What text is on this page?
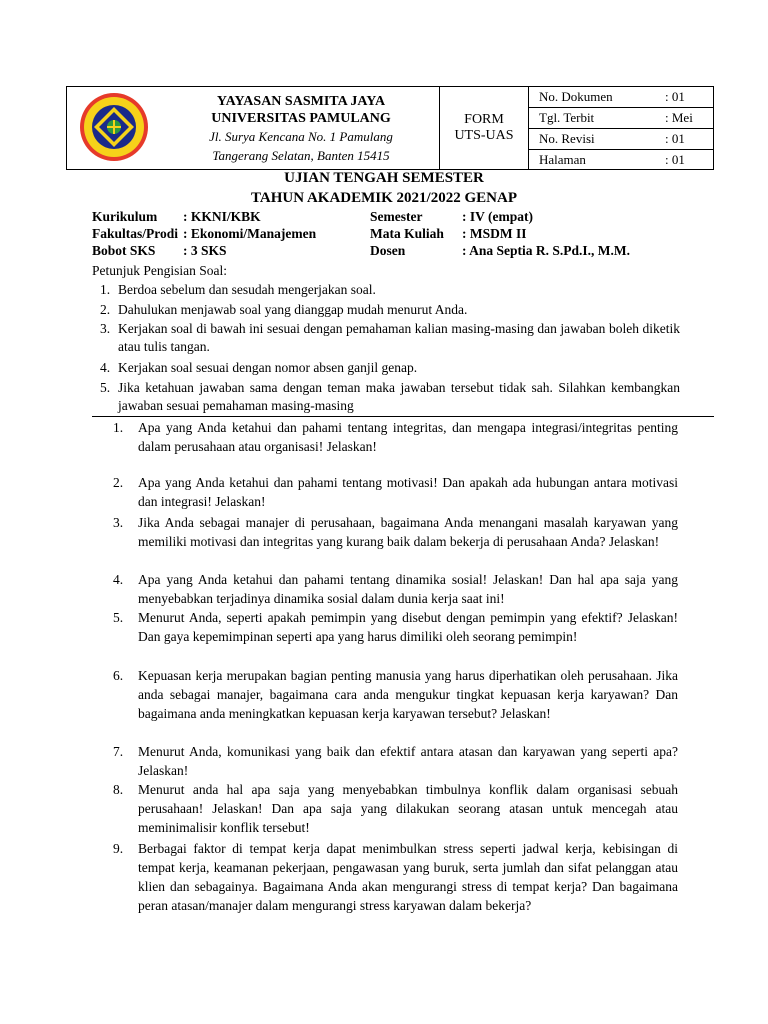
YAYASAN SASMITA JAYA
UNIVERSITAS PAMULANG
Jl. Surya Kencana No. 1 Pamulang
Tangerang Selatan, Banten 15415
FORM
UTS-UAS
No. Dokumen	: 01
Tgl. Terbit	: Mei
No. Revisi	: 01
Halaman	: 01
UJIAN TENGAH SEMESTER
TAHUN AKADEMIK 2021/2022 GENAP
Kurikulum : KKNI/KBK	Semester	: IV (empat)
Fakultas/Prodi : Ekonomi/Manajemen	Mata Kuliah : MSDM II
Bobot SKS : 3 SKS	Dosen	: Ana Septia R. S.Pd.I., M.M.
Petunjuk Pengisian Soal:
1. Berdoa sebelum dan sesudah mengerjakan soal.
2. Dahulukan menjawab soal yang dianggap mudah menurut Anda.
3. Kerjakan soal di bawah ini sesuai dengan pemahaman kalian masing-masing dan jawaban boleh diketik atau tulis tangan.
4. Kerjakan soal sesuai dengan nomor absen ganjil genap.
5. Jika ketahuan jawaban sama dengan teman maka jawaban tersebut tidak sah. Silahkan kembangkan jawaban sesuai pemahaman masing-masing
1. Apa yang Anda ketahui dan pahami tentang integritas, dan mengapa integrasi/integritas penting dalam perusahaan atau organisasi! Jelaskan!
2. Apa yang Anda ketahui dan pahami tentang motivasi! Dan apakah ada hubungan antara motivasi dan integrasi! Jelaskan!
3. Jika Anda sebagai manajer di perusahaan, bagaimana Anda menangani masalah karyawan yang memiliki motivasi dan integritas yang kurang baik dalam bekerja di perusahaan Anda? Jelaskan!
4. Apa yang Anda ketahui dan pahami tentang dinamika sosial! Jelaskan! Dan hal apa saja yang menyebabkan terjadinya dinamika sosial dalam dunia kerja saat ini!
5. Menurut Anda, seperti apakah pemimpin yang disebut dengan pemimpin yang efektif? Jelaskan! Dan gaya kepemimpinan seperti apa yang harus dimiliki oleh seorang pemimpin!
6. Kepuasan kerja merupakan bagian penting manusia yang harus diperhatikan oleh perusahaan. Jika anda sebagai manajer, bagaimana cara anda mengukur tingkat kepuasan kerja karyawan? Dan bagaimana anda meningkatkan kepuasan kerja karyawan tersebut? Jelaskan!
7. Menurut Anda, komunikasi yang baik dan efektif antara atasan dan karyawan yang seperti apa? Jelaskan!
8. Menurut anda hal apa saja yang menyebabkan timbulnya konflik dalam organisasi sebuah perusahaan! Jelaskan! Dan apa saja yang dilakukan seorang atasan untuk mencegah atau meminimalisir konflik tersebut!
9. Berbagai faktor di tempat kerja dapat menimbulkan stress seperti jadwal kerja, kebisingan di tempat kerja, keamanan pekerjaan, pengawasan yang buruk, serta jumlah dan sifat pelanggan atau klien dan sebagainya. Bagaimana Anda akan mengurangi stress di tempat kerja? Dan bagaimana peran atasan/manajer dalam mengurangi stress karyawan dalam bekerja?
